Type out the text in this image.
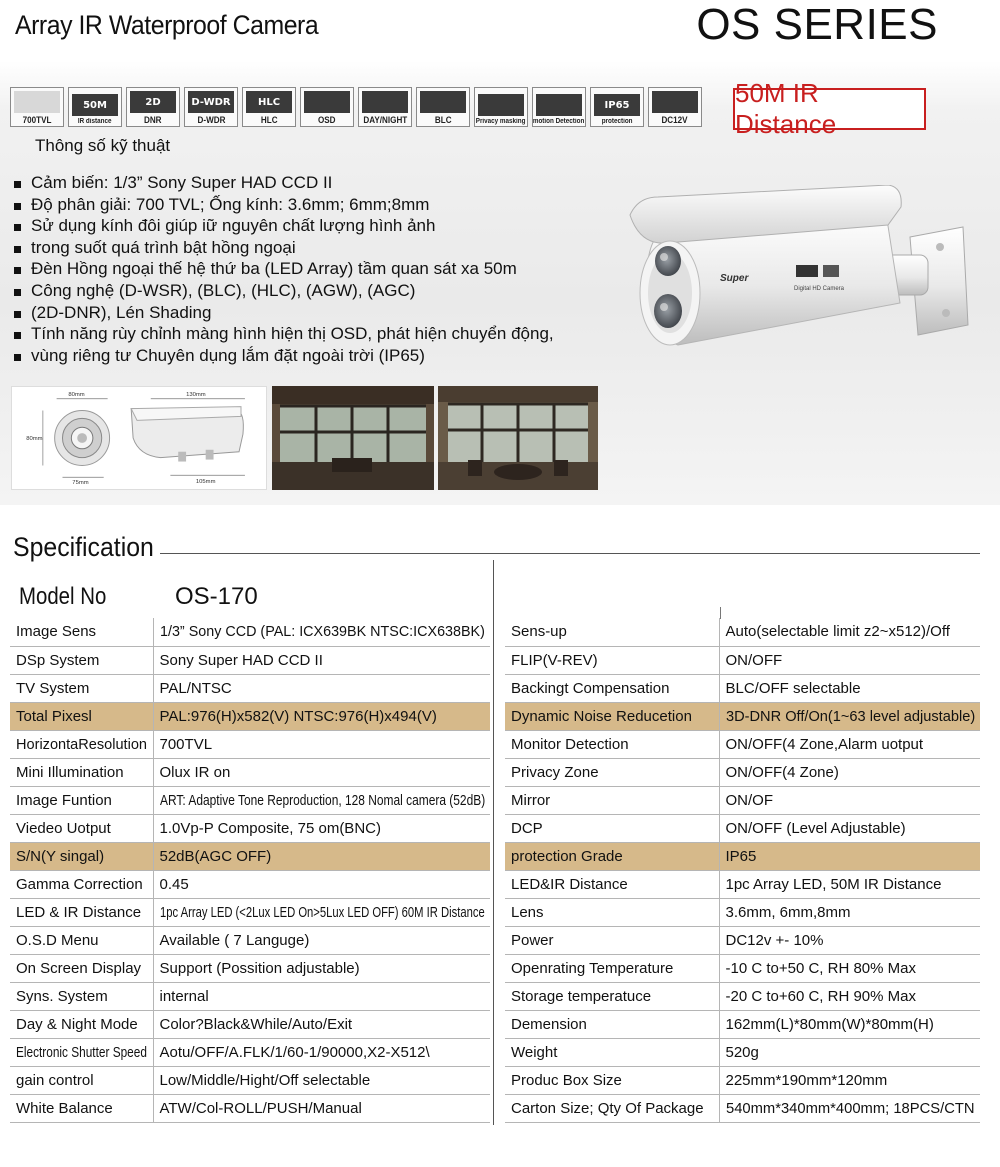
Array IR Waterproof Camera	OS SERIES
700TVL
50M
IR distance
2D
DNR
D-WDR
D-WDR
HLC
HLC	OSD	DAY/NIGHT	BLC	Privacy masking motion Detection
IP65
protection	DC12V
50M IR Distance
Thông số kỹ thuật
Cảm biến: 1/3” Sony Super HAD CCD II
Độ phân giải: 700 TVL; Ống kính: 3.6mm; 6mm;8mm
Sử dụng kính đôi giúp iữ nguyên chất lượng hình ảnh
trong suốt quá trình bật hồng ngoại
Đèn Hồng ngoại thế hệ thứ ba (LED Array) tầm quan sát xa 50m
Công nghệ (D-WSR), (BLC), (HLC), (AGW), (AGC)
(2D-DNR), Lén Shading
Tính năng rùy chỉnh màng hình hiện thị OSD, phát hiện chuyển động,
vùng riêng tư Chuyên dụng lắm đặt ngoài trời (IP65)
Super
Digital HD Camera
80mm
80mm
75mm
130mm
105mm
Specification
Model No	OS-170
Image Sens	1/3” Sony CCD (PAL: ICX639BK NTSC:ICX638BK)
DSp System	Sony Super HAD CCD II
TV System	PAL/NTSC
Total Pixesl	PAL:976(H)x582(V) NTSC:976(H)x494(V)
HorizontaResolution	700TVL
Mini Illumination	Olux IR on
Image Funtion	ART: Adaptive Tone Reproduction, 128 Nomal camera (52dB)
Viedeo Uotput	1.0Vp-P Composite, 75 om(BNC)
S/N(Y singal)	52dB(AGC OFF)
Gamma Correction	0.45
LED & IR Distance	1pc Array LED (<2Lux LED On>5Lux LED OFF) 60M IR Distance
O.S.D Menu	Available ( 7 Languge)
On Screen Display	Support (Possition adjustable)
Syns. System	internal
Day & Night Mode	Color?Black&While/Auto/Exit
Electronic Shutter Speed	Aotu/OFF/A.FLK/1/60-1/90000,X2-X512\
gain control	Low/Middle/Hight/Off selectable
White Balance	ATW/Col-ROLL/PUSH/Manual
Sens-up	Auto(selectable limit z2~x512)/Off
FLIP(V-REV)	ON/OFF
Backingt Compensation	BLC/OFF selectable
Dynamic Noise Reducetion	3D-DNR Off/On(1~63 level adjustable)
Monitor Detection	ON/OFF(4 Zone,Alarm uotput
Privacy Zone	ON/OFF(4 Zone)
Mirror	ON/OF
DCP	ON/OFF (Level Adjustable)
protection Grade	IP65
LED&IR Distance	1pc Array LED, 50M IR Distance
Lens	3.6mm, 6mm,8mm
Power	DC12v +- 10%
Openrating Temperature	-10 C to+50 C, RH 80% Max
Storage temperatuce	-20 C to+60 C, RH 90% Max
Demension	162mm(L)*80mm(W)*80mm(H)
Weight	520g
Produc Box Size	225mm*190mm*120mm
Carton Size; Qty Of Package	540mm*340mm*400mm; 18PCS/CTN
